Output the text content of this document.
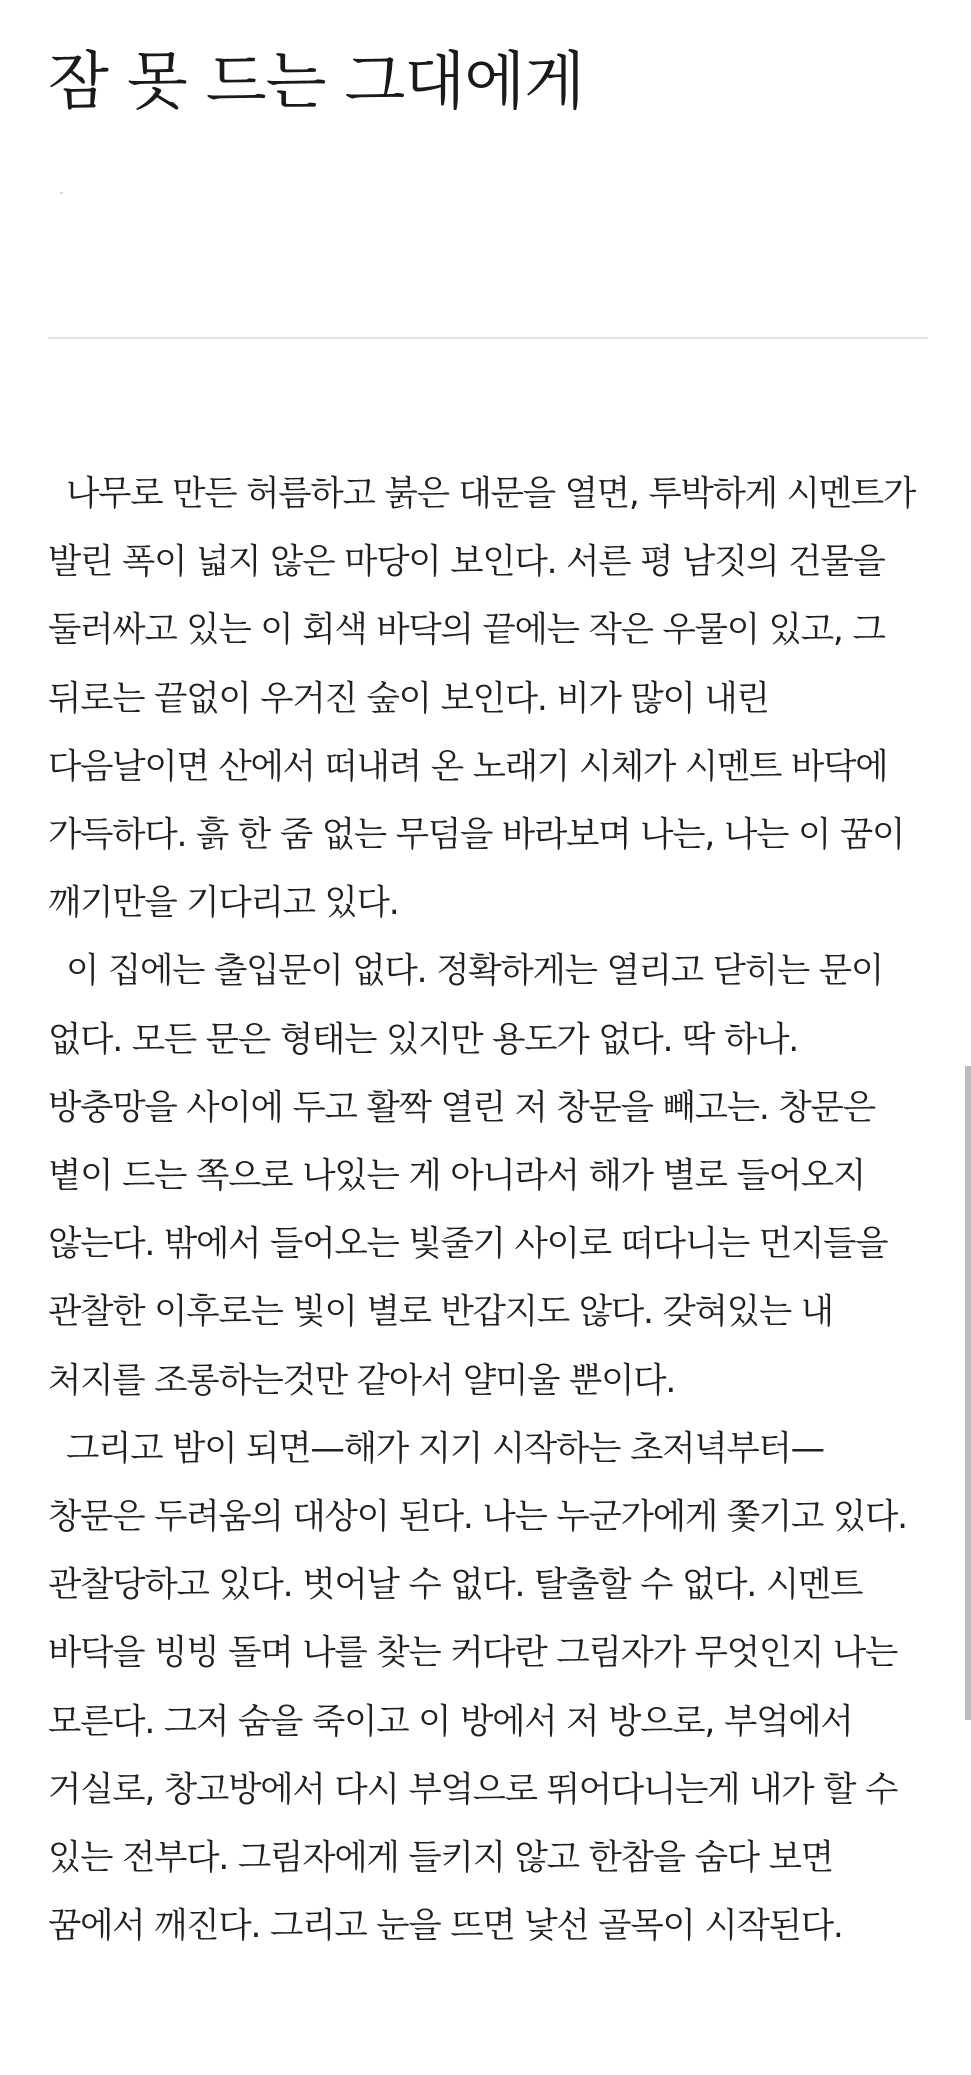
잠 못 드는 그대에게

나무로 만든 허름하고 붉은 대문을 열면, 투박하게 시멘트가 발린 폭이 넓지 않은 마당이 보인다. 서른 평 남짓의 건물을 둘러싸고 있는 이 회색 바닥의 끝에는 작은 우물이 있고, 그 뒤로는 끝없이 우거진 숲이 보인다. 비가 많이 내린 다음날이면 산에서 떠내려 온 노래기 시체가 시멘트 바닥에 가득하다. 흙 한 줌 없는 무덤을 바라보며 나는, 나는 이 꿈이 깨기만을 기다리고 있다.

이 집에는 출입문이 없다. 정확하게는 열리고 닫히는 문이 없다. 모든 문은 형태는 있지만 용도가 없다. 딱 하나. 방충망을 사이에 두고 활짝 열린 저 창문을 빼고는. 창문은 볕이 드는 쪽으로 나있는 게 아니라서 해가 별로 들어오지 않는다. 밖에서 들어오는 빛줄기 사이로 떠다니는 먼지들을 관찰한 이후로는 빛이 별로 반갑지도 않다. 갖혀있는 내 처지를 조롱하는것만 같아서 얄미울 뿐이다.

그리고 밤이 되면—해가 지기 시작하는 초저녁부터— 창문은 두려움의 대상이 된다. 나는 누군가에게 쫓기고 있다. 관찰당하고 있다. 벗어날 수 없다. 탈출할 수 없다. 시멘트 바닥을 빙빙 돌며 나를 찾는 커다란 그림자가 무엇인지 나는 모른다. 그저 숨을 죽이고 이 방에서 저 방으로, 부엌에서 거실로, 창고방에서 다시 부엌으로 뛰어다니는게 내가 할 수 있는 전부다. 그림자에게 들키지 않고 한참을 숨다 보면 꿈에서 깨진다. 그리고 눈을 뜨면 낯선 골목이 시작된다.
